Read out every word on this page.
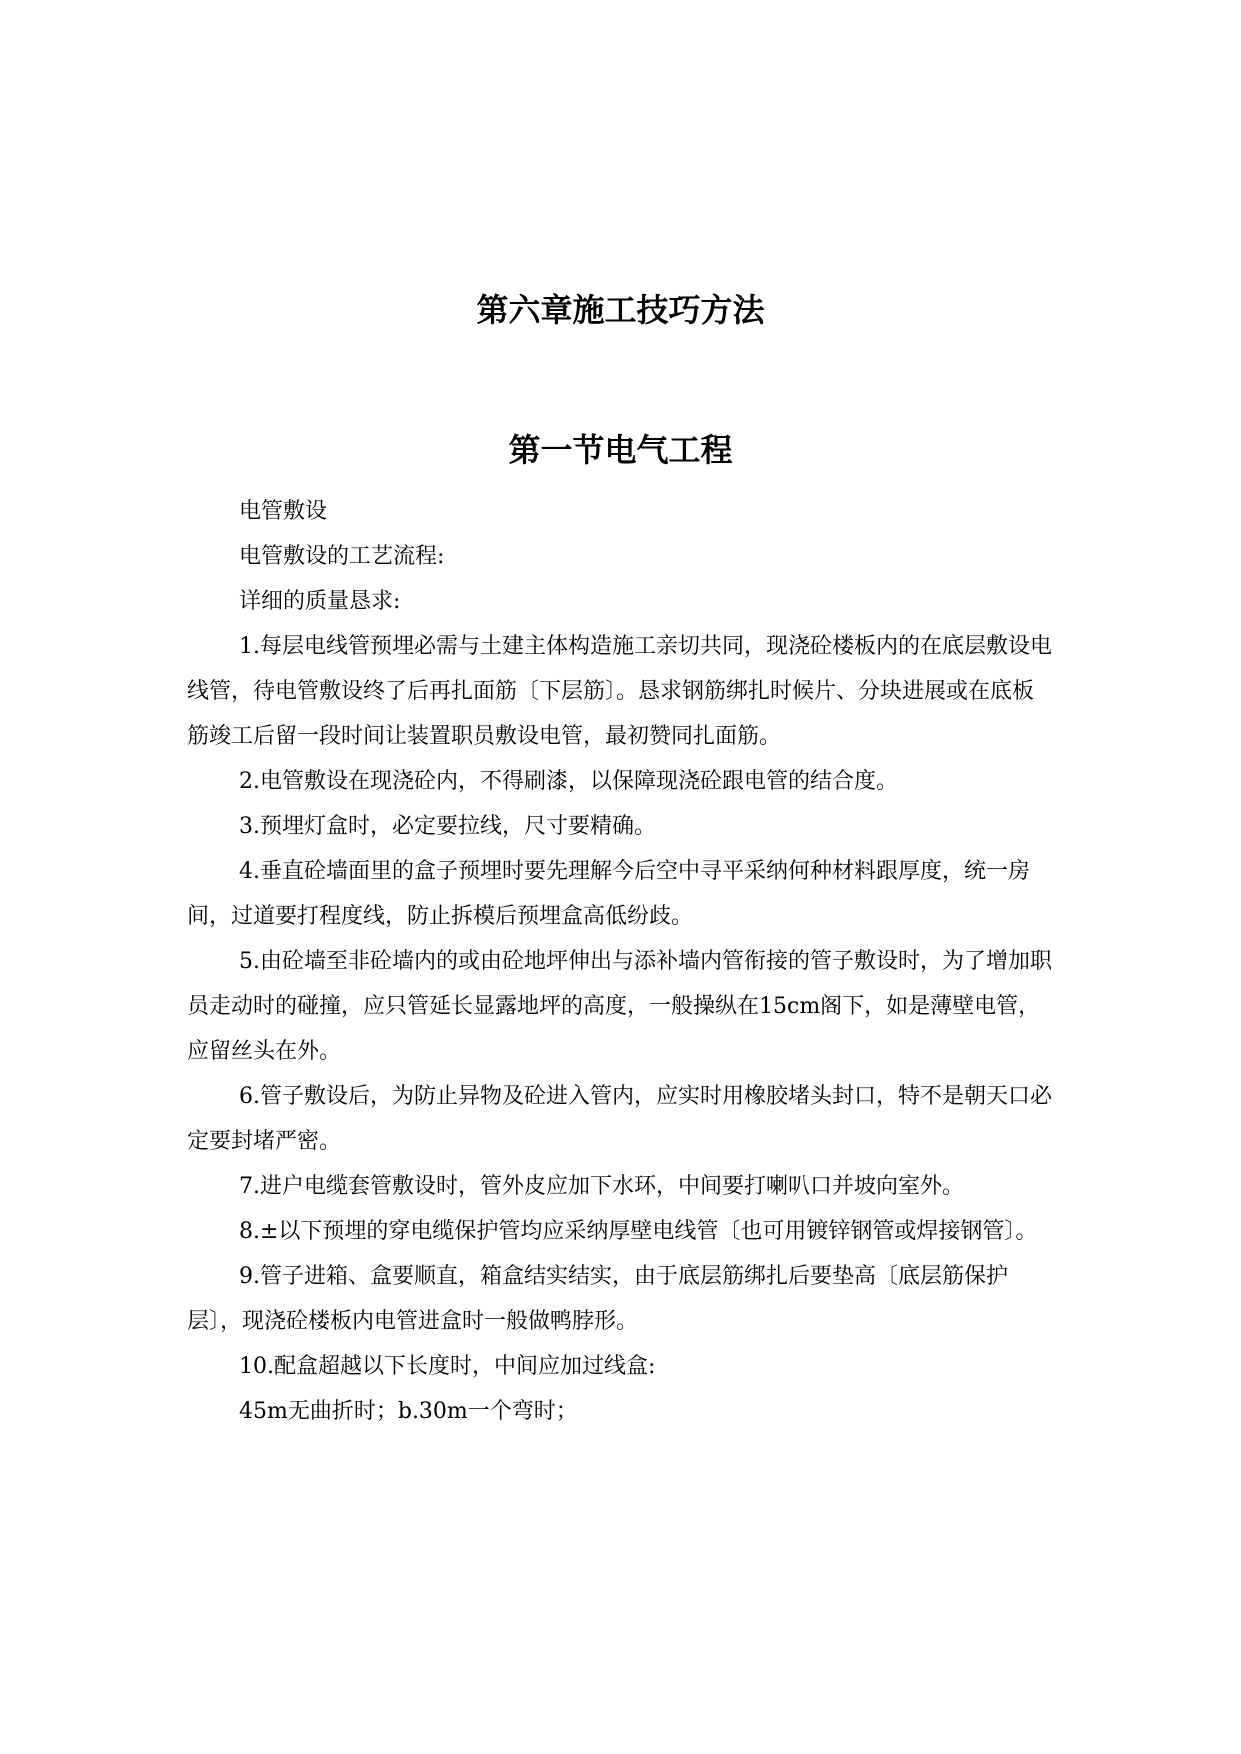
第六章施工技巧方法
第一节电气工程

电管敷设

电管敷设的工艺流程:

详细的质量恳求:

1.每层电线管预埋必需与土建主体构造施工亲切共同，现浇砼楼板内的在底层敷设电线管，待电管敷设终了后再扎面筋〔下层筋〕。恳求钢筋绑扎时候片、分块进展或在底板筋竣工后留一段时间让装置职员敷设电管，最初赞同扎面筋。

2.电管敷设在现浇砼内，不得刷漆，以保障现浇砼跟电管的结合度。

3.预埋灯盒时，必定要拉线，尺寸要精确。

4.垂直砼墙面里的盒子预埋时要先理解今后空中寻平采纳何种材料跟厚度，统一房间，过道要打程度线，防止拆模后预埋盒高低纷歧。

5.由砼墙至非砼墙内的或由砼地坪伸出与添补墙内管衔接的管子敷设时，为了增加职员走动时的碰撞，应只管延长显露地坪的高度，一般操纵在15cm阁下，如是薄壁电管，应留丝头在外。

6.管子敷设后，为防止异物及砼进入管内，应实时用橡胶堵头封口，特不是朝天口必定要封堵严密。

7.进户电缆套管敷设时，管外皮应加下水环，中间要打喇叭口并坡向室外。

8.±以下预埋的穿电缆保护管均应采纳厚壁电线管〔也可用镀锌钢管或焊接钢管〕。

9.管子进箱、盒要顺直，箱盒结实结实，由于底层筋绑扎后要垫高〔底层筋保护层〕，现浇砼楼板内电管进盒时一般做鸭脖形。

10.配盒超越以下长度时，中间应加过线盒:

45m无曲折时；b.30m一个弯时；
